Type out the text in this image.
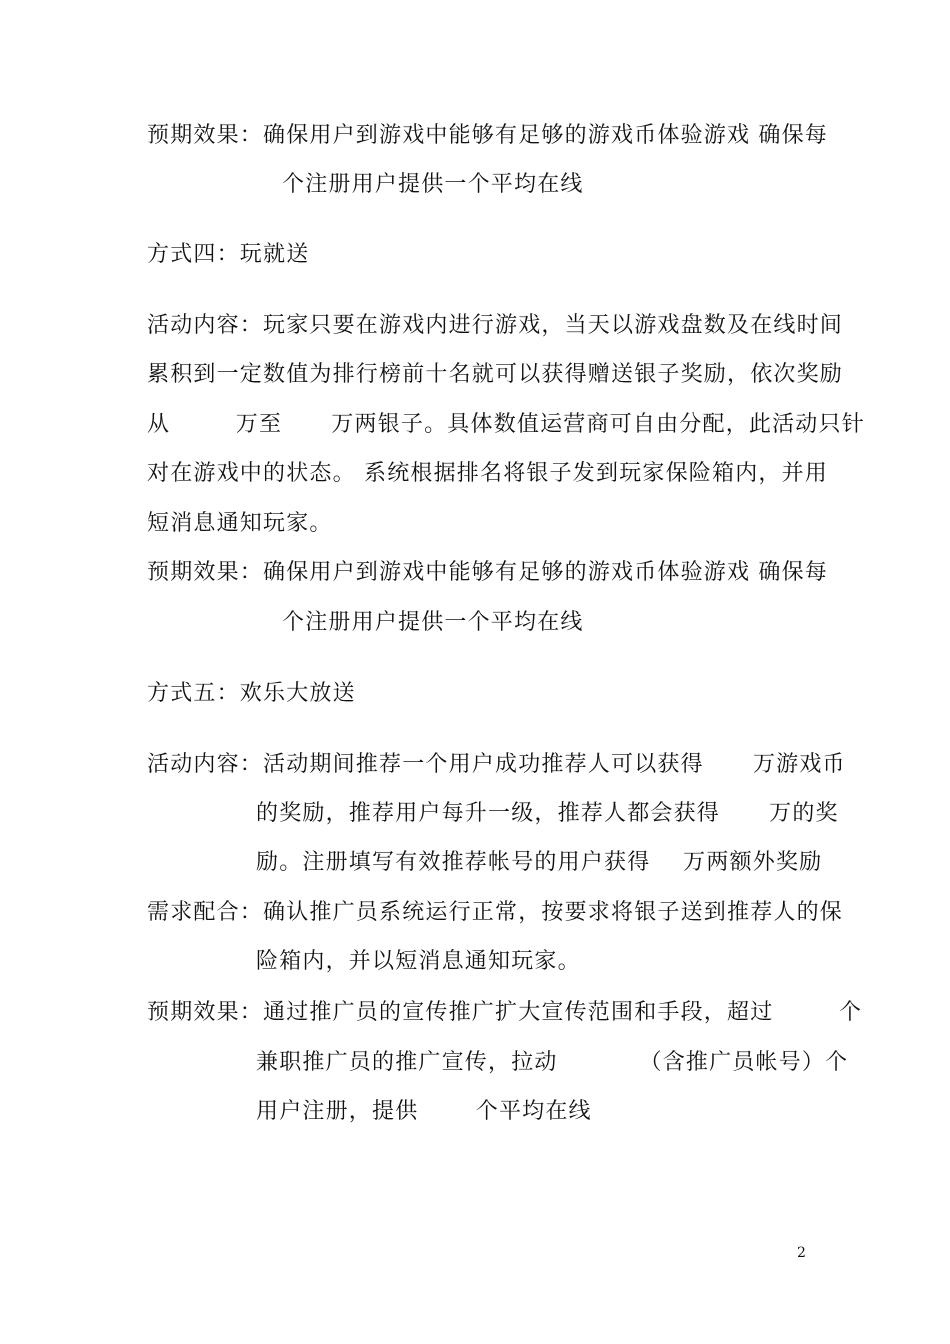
预期效果：确保用户到游戏中能够有足够的游戏币体验游戏 确保每
个注册用户提供一个平均在线
方式四：玩就送
活动内容：玩家只要在游戏内进行游戏，当天以游戏盘数及在线时间
累积到一定数值为排行榜前十名就可以获得赠送银子奖励，依次奖励
从        万至      万两银子。具体数值运营商可自由分配，此活动只针
对在游戏中的状态。 系统根据排名将银子发到玩家保险箱内，并用
短消息通知玩家。
预期效果：确保用户到游戏中能够有足够的游戏币体验游戏 确保每
个注册用户提供一个平均在线
方式五：欢乐大放送
活动内容：活动期间推荐一个用户成功推荐人可以获得      万游戏币
的奖励，推荐用户每升一级，推荐人都会获得      万的奖
励。注册填写有效推荐帐号的用户获得    万两额外奖励
需求配合：确认推广员系统运行正常，按要求将银子送到推荐人的保
险箱内，并以短消息通知玩家。
预期效果：通过推广员的宣传推广扩大宣传范围和手段，超过        个
兼职推广员的推广宣传，拉动          （含推广员帐号）个
用户注册，提供       个平均在线
2
